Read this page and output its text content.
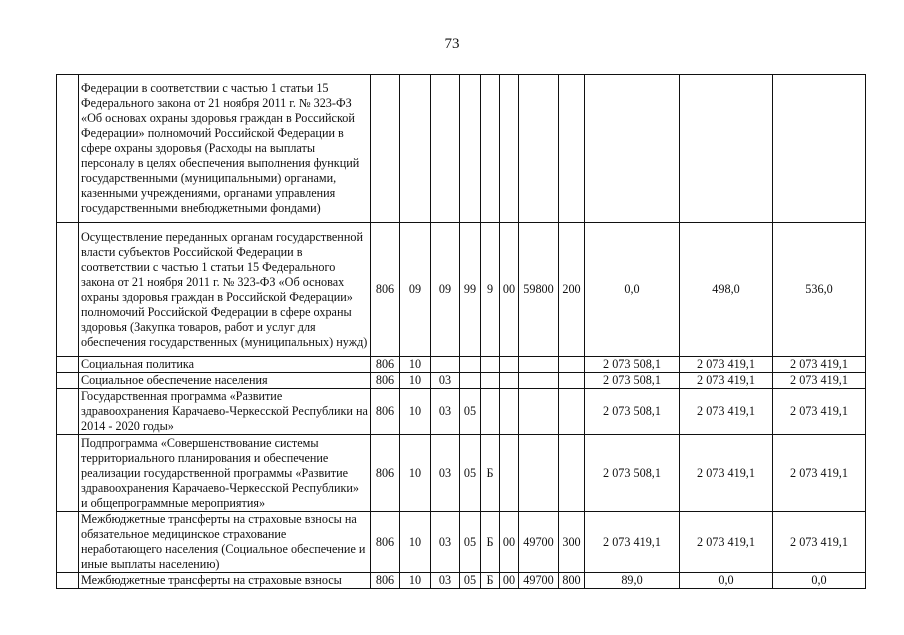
73
	Федерации в соответствии с частью 1 статьи 15 Федерального закона от 21 ноября 2011 г. № 323-ФЗ «Об основах охраны здоровья граждан в Российской Федерации» полномочий Российской Федерации в сфере охраны здоровья (Расходы на выплаты персоналу в целях обеспечения выполнения функций государственными (муниципальными) органами, казенными учреждениями, органами управления государственными внебюджетными фондами)											
	Осуществление переданных органам государственной власти субъектов Российской Федерации в соответствии с частью 1 статьи 15 Федерального закона от 21 ноября 2011 г. № 323-ФЗ «Об основах охраны здоровья граждан в Российской Федерации» полномочий Российской Федерации в сфере охраны здоровья (Закупка товаров, работ и услуг для обеспечения государственных (муниципальных) нужд)	806	09	09	99	9	00	59800	200	0,0	498,0	536,0
	Социальная политика	806	10							2 073 508,1	2 073 419,1	2 073 419,1
	Социальное обеспечение населения	806	10	03						2 073 508,1	2 073 419,1	2 073 419,1
	Государственная программа «Развитие здравоохранения Карачаево-Черкесской Республики на 2014 - 2020 годы»	806	10	03	05					2 073 508,1	2 073 419,1	2 073 419,1
	Подпрограмма «Совершенствование системы территориального планирования и обеспечение реализации государственной программы «Развитие здравоохранения Карачаево-Черкесской Республики» и общепрограммные мероприятия»	806	10	03	05	Б				2 073 508,1	2 073 419,1	2 073 419,1
	Межбюджетные трансферты на страховые взносы на обязательное медицинское страхование неработающего населения (Социальное обеспечение и иные выплаты населению)	806	10	03	05	Б	00	49700	300	2 073 419,1	2 073 419,1	2 073 419,1
	Межбюджетные трансферты на страховые взносы	806	10	03	05	Б	00	49700	800	89,0	0,0	0,0
